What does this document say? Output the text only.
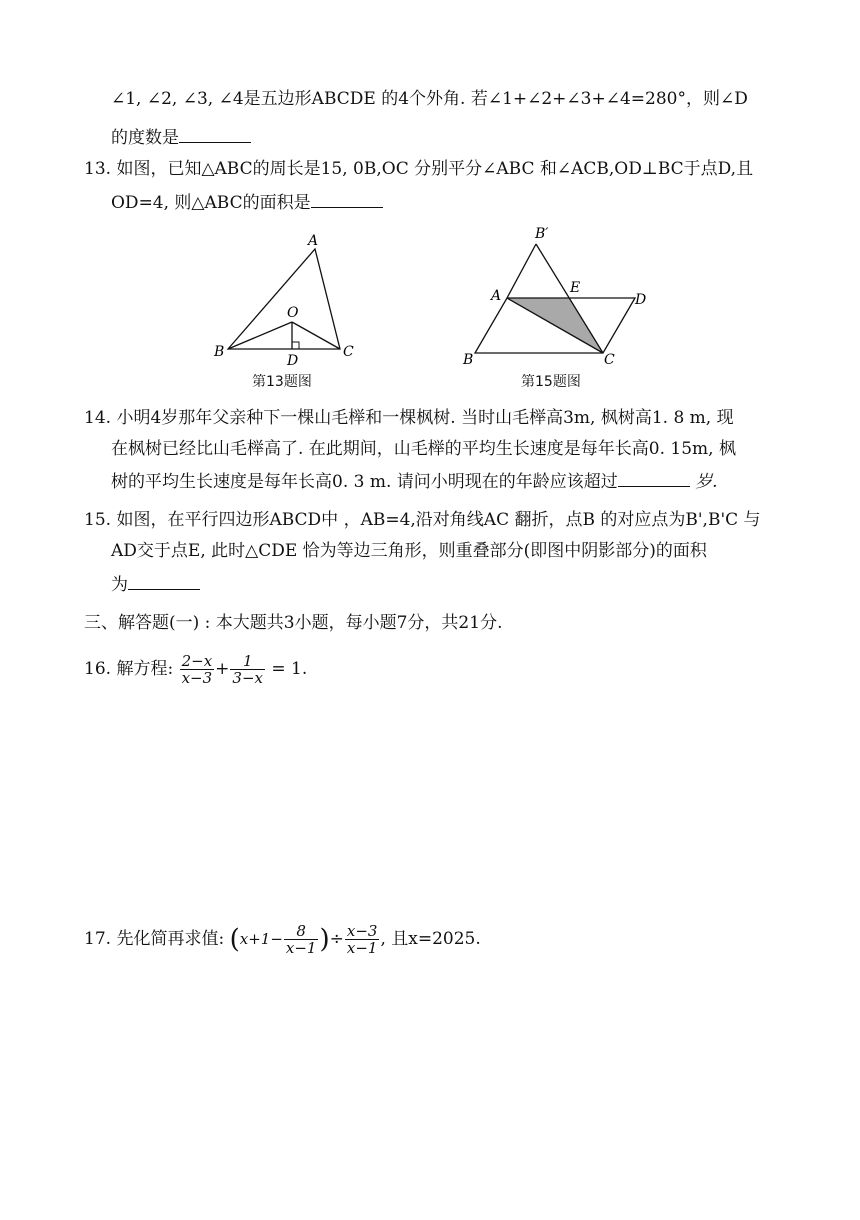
∠1, ∠2, ∠3, ∠4是五边形ABCDE 的4个外角. 若∠1+∠2+∠3+∠4=280°，则∠D
的度数是
13. 如图，已知△ABC的周长是15, 0B,OC 分别平分∠ABC 和∠ACB,OD⊥BC于点D,且
OD=4, 则△ABC的面积是
A
B	C
O
D
第13题图
B′
A	E
D
B	C
第15题图
14. 小明4岁那年父亲种下一棵山毛榉和一棵枫树. 当时山毛榉高3m, 枫树高1. 8 m, 现
在枫树已经比山毛榉高了. 在此期间，山毛榉的平均生长速度是每年长高0. 15m, 枫
树的平均生长速度是每年长高0. 3 m. 请问小明现在的年龄应该超过	岁.
15. 如图，在平行四边形ABCD中 ，AB=4,沿对角线AC 翻折，点B 的对应点为B',B'C 与
AD交于点E, 此时△CDE 恰为等边三角形，则重叠部分(即图中阴影部分)的面积
为
三、解答题(一) : 本大题共3小题，每小题7分，共21分.
16. 解方程: $\frac{2-x}{x-3} + \frac{1}{3-x} = 1$.
17. 先化简再求值: ($x+1- \frac{8}{x-1}$ )÷ $\frac{x-3}{x-1}$ , 且x=2025.
